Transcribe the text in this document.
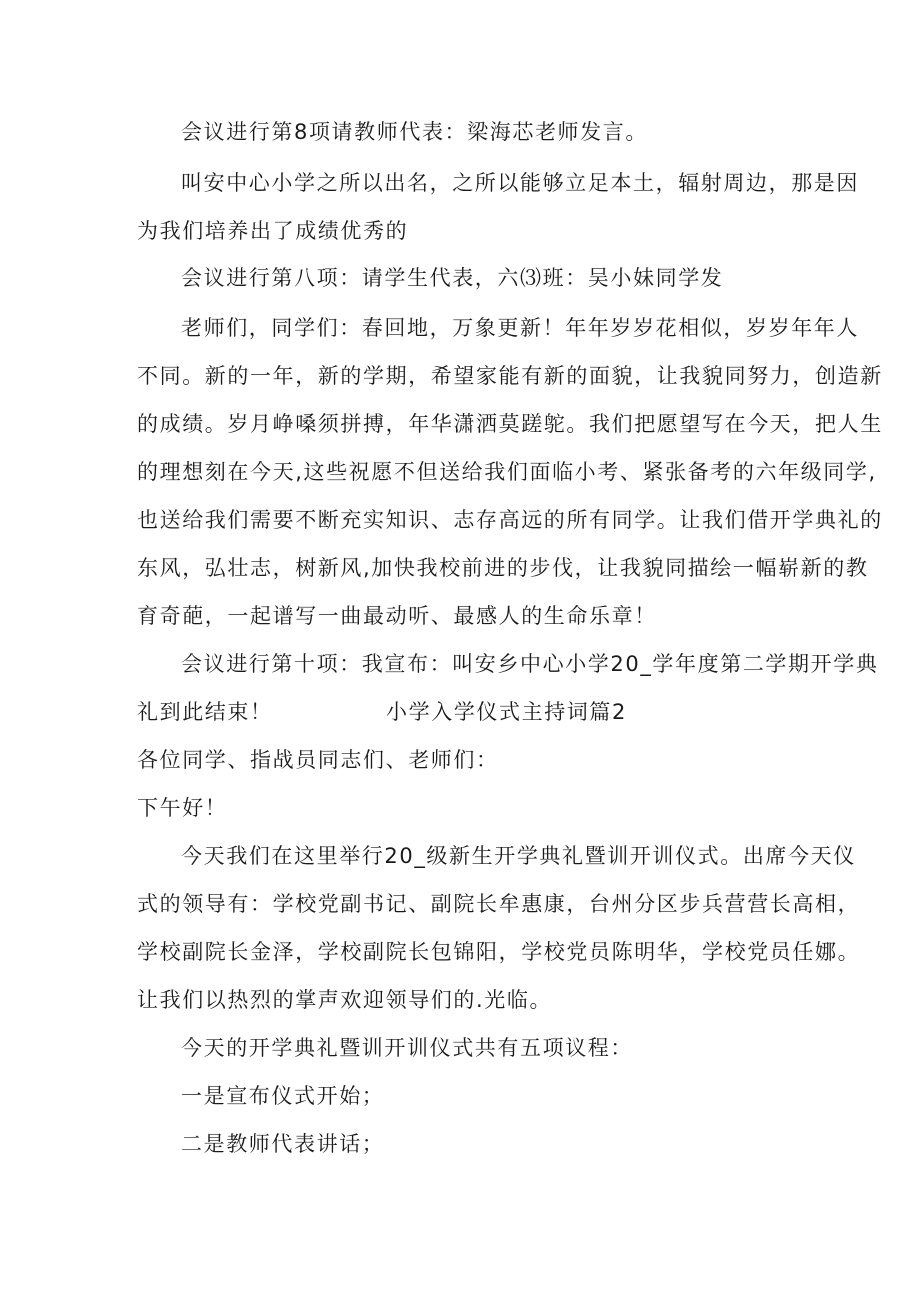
会议进行第8项请教师代表：梁海芯老师发言。
叫安中心小学之所以出名，之所以能够立足本土，辐射周边，那是因
为我们培养出了成绩优秀的
会议进行第八项：请学生代表，六⑶班：吴小妹同学发
老师们，同学们：春回地，万象更新！年年岁岁花相似，岁岁年年人
不同。新的一年，新的学期，希望家能有新的面貌，让我貌同努力，创造新
的成绩。岁月峥嗓须拼搏，年华潇洒莫蹉鸵。我们把愿望写在今天，把人生
的理想刻在今天,这些祝愿不但送给我们面临小考、紧张备考的六年级同学,
也送给我们需要不断充实知识、志存高远的所有同学。让我们借开学典礼的
东风，弘壮志，树新风,加快我校前进的步伐，让我貌同描绘一幅崭新的教
育奇葩，一起谱写一曲最动听、最感人的生命乐章！
会议进行第十项：我宣布：叫安乡中心小学20_学年度第二学期开学典
礼到此结束！	小学入学仪式主持词篇2
各位同学、指战员同志们、老师们：
下午好！
今天我们在这里举行20_级新生开学典礼暨训开训仪式。出席今天仪
式的领导有：学校党副书记、副院长牟惠康，台州分区步兵营营长高相，
学校副院长金泽，学校副院长包锦阳，学校党员陈明华，学校党员任娜。
让我们以热烈的掌声欢迎领导们的.光临。
今天的开学典礼暨训开训仪式共有五项议程：
一是宣布仪式开始；
二是教师代表讲话；
